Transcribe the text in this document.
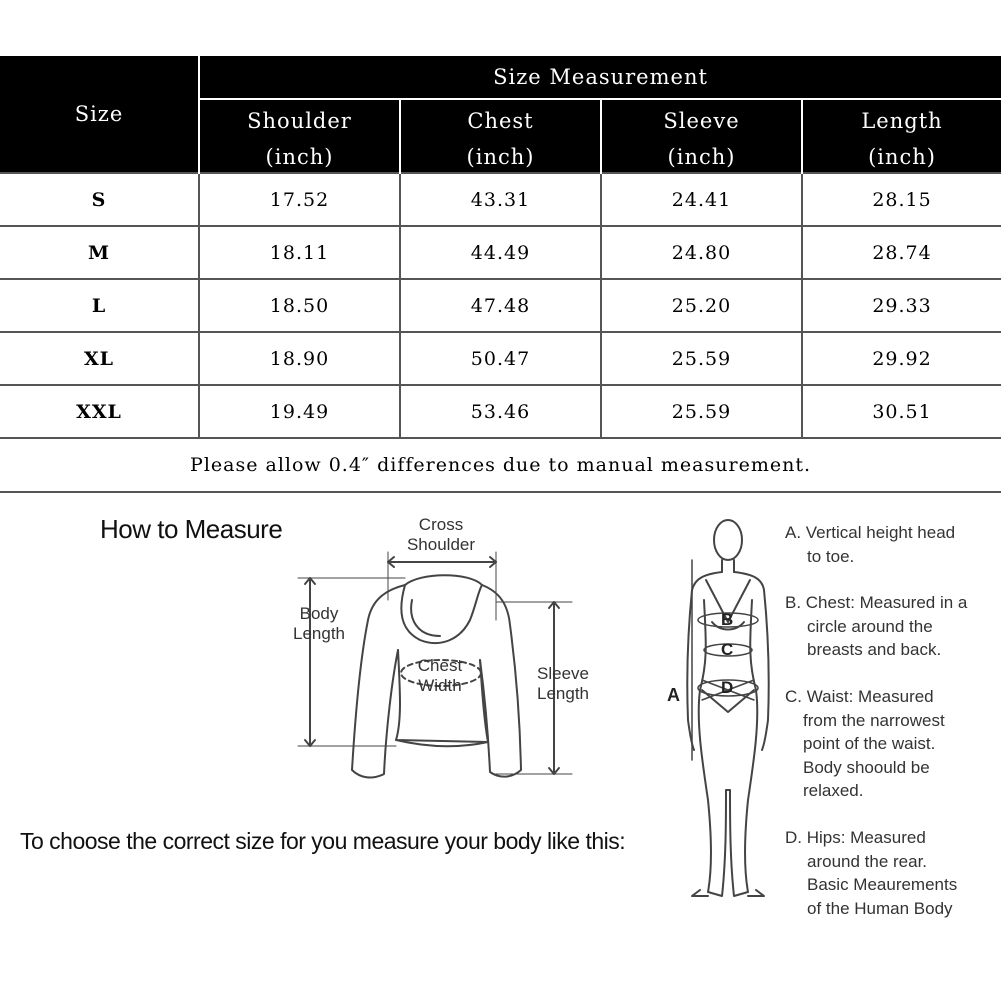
Size	Size Measurement			
	Shoulder	Chest	Sleeve	Length
	(inch)	(inch)	(inch)	(inch)
S	17.52	43.31	24.41	28.15
M	18.11	44.49	24.80	28.74
L	18.50	47.48	25.20	29.33
XL	18.90	50.47	25.59	29.92
XXL	19.49	53.46	25.59	30.51
Please allow 0.4″ differences due to manual measurement.				
How to Measure	Cross
Shoulder
Body
Length
Chest
Width
Sleeve
Length	A
B
C
D
To choose the correct size for you measure your body like this:
A. Vertical height head
to toe.
B. Chest: Measured in a
circle around the
breasts and back.
C. Waist: Measured
from the narrowest
point of the waist.
Body shoould be
relaxed.
D. Hips: Measured
around the rear.
Basic Meaurements
of the Human Body
